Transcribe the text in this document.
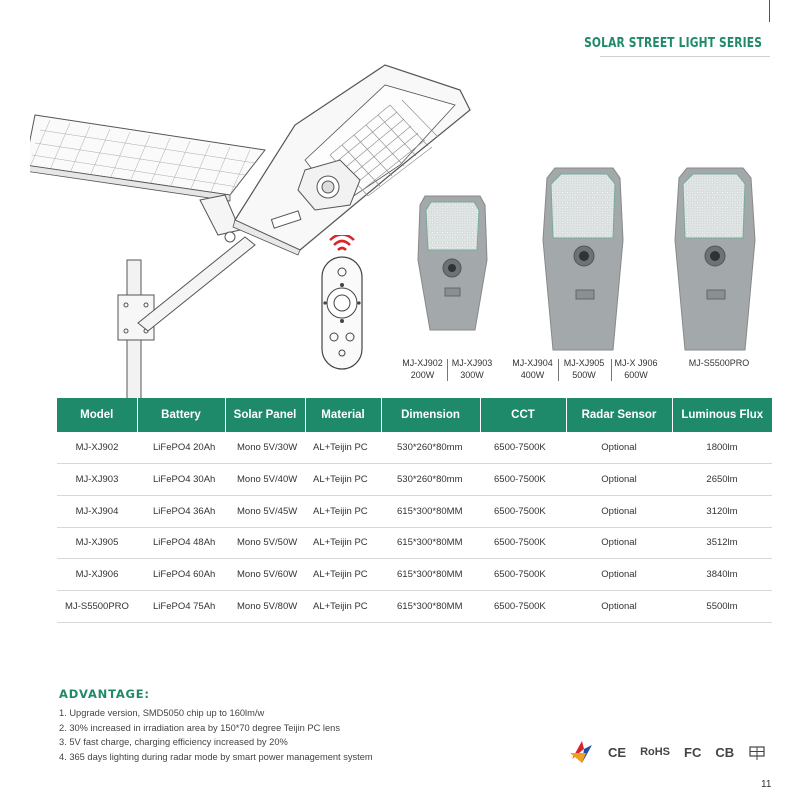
SOLAR STREET LIGHT SERIES
MJ-XJ902
200W
MJ-XJ903
300W
MJ-XJ904
400W
MJ-XJ905
500W
MJ-X J906
600W
MJ-S5500PRO
Model	Battery	Solar Panel	Material	Dimension	CCT	Radar Sensor	Luminous Flux
MJ-XJ902	LiFePO4 20Ah	Mono 5V/30W	AL+Teijin PC	530*260*80mm	6500-7500K	Optional	1800lm
MJ-XJ903	LiFePO4 30Ah	Mono 5V/40W	AL+Teijin PC	530*260*80mm	6500-7500K	Optional	2650lm
MJ-XJ904	LiFePO4 36Ah	Mono 5V/45W	AL+Teijin PC	615*300*80MM	6500-7500K	Optional	3120lm
MJ-XJ905	LiFePO4 48Ah	Mono 5V/50W	AL+Teijin PC	615*300*80MM	6500-7500K	Optional	3512lm
MJ-XJ906	LiFePO4 60Ah	Mono 5V/60W	AL+Teijin PC	615*300*80MM	6500-7500K	Optional	3840lm
MJ-S5500PRO	LiFePO4 75Ah	Mono 5V/80W	AL+Teijin PC	615*300*80MM	6500-7500K	Optional	5500lm
ADVANTAGE:
1. Upgrade version, SMD5050 chip up to 160lm/w
2. 30% increased in irradiation area by 150*70 degree Teijin PC lens
3. 5V fast charge, charging efficiency increased by 20%
4. 365 days lighting during radar mode by smart power management system	CE RoHS FC CB
11
